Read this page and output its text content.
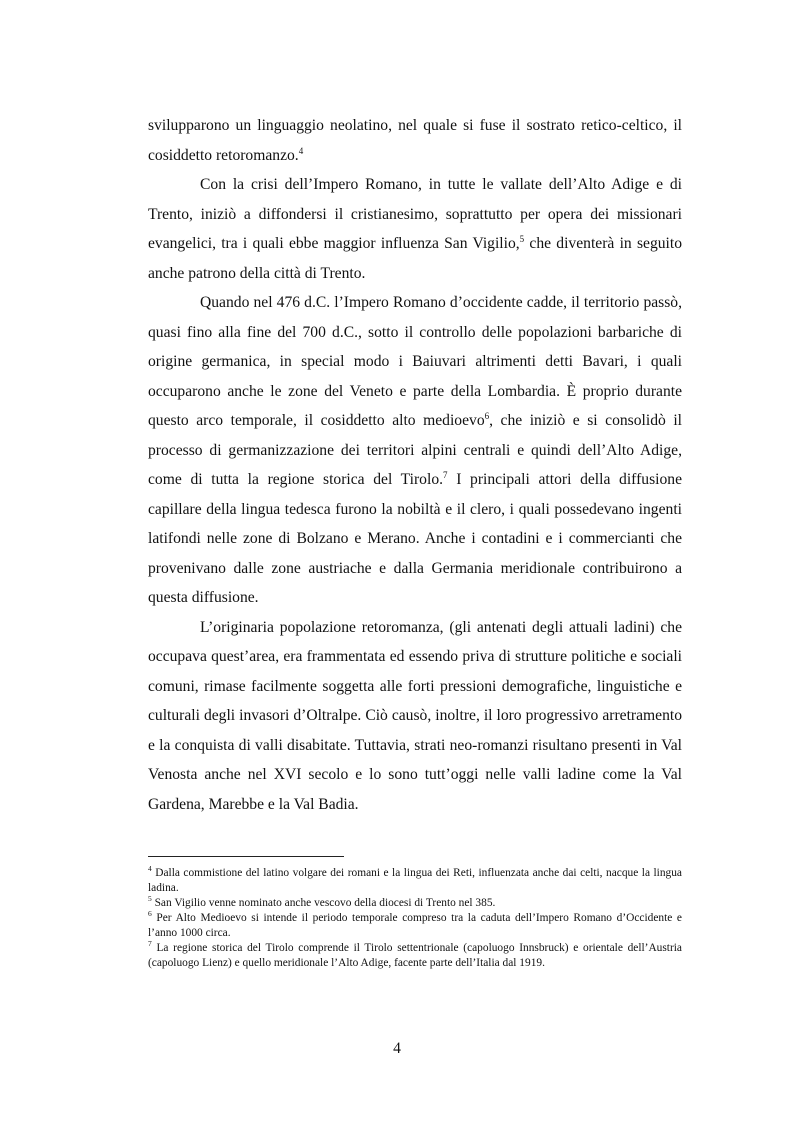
svilupparono un linguaggio neolatino, nel quale si fuse il sostrato retico-celtico, il cosiddetto retoromanzo.$^4$

Con la crisi dell’Impero Romano, in tutte le vallate dell’Alto Adige e di Trento, iniziò a diffondersi il cristianesimo, soprattutto per opera dei missionari evangelici, tra i quali ebbe maggior influenza San Vigilio,$^5$ che diventerà in seguito anche patrono della città di Trento.

Quando nel 476 d.C. l’Impero Romano d’occidente cadde, il territorio passò, quasi fino alla fine del 700 d.C., sotto il controllo delle popolazioni barbariche di origine germanica, in special modo i Baiuvari altrimenti detti Bavari, i quali occuparono anche le zone del Veneto e parte della Lombardia. È proprio durante questo arco temporale, il cosiddetto alto medioevo$^6$, che iniziò e si consolidò il processo di germanizzazione dei territori alpini centrali e quindi dell’Alto Adige, come di tutta la regione storica del Tirolo.$^7$ I principali attori della diffusione capillare della lingua tedesca furono la nobiltà e il clero, i quali possedevano ingenti latifondi nelle zone di Bolzano e Merano. Anche i contadini e i commercianti che provenivano dalle zone austriache e dalla Germania meridionale contribuirono a questa diffusione.

L’originaria popolazione retoromanza, (gli antenati degli attuali ladini) che occupava quest’area, era frammentata ed essendo priva di strutture politiche e sociali comuni, rimase facilmente soggetta alle forti pressioni demografiche, linguistiche e culturali degli invasori d’Oltralpe. Ciò causò, inoltre, il loro progressivo arretramento e la conquista di valli disabitate. Tuttavia, strati neo-romanzi risultano presenti in Val Venosta anche nel XVI secolo e lo sono tutt’oggi nelle valli ladine come la Val Gardena, Marebbe e la Val Badia.

$^4$ Dalla commistione del latino volgare dei romani e la lingua dei Reti, influenzata anche dai celti, nacque la lingua ladina.

$^5$ San Vigilio venne nominato anche vescovo della diocesi di Trento nel 385.

$^6$ Per Alto Medioevo si intende il periodo temporale compreso tra la caduta dell’Impero Romano d’Occidente e l’anno 1000 circa.

$^7$ La regione storica del Tirolo comprende il Tirolo settentrionale (capoluogo Innsbruck) e orientale dell’Austria (capoluogo Lienz) e quello meridionale l’Alto Adige, facente parte dell’Italia dal 1919.

4
